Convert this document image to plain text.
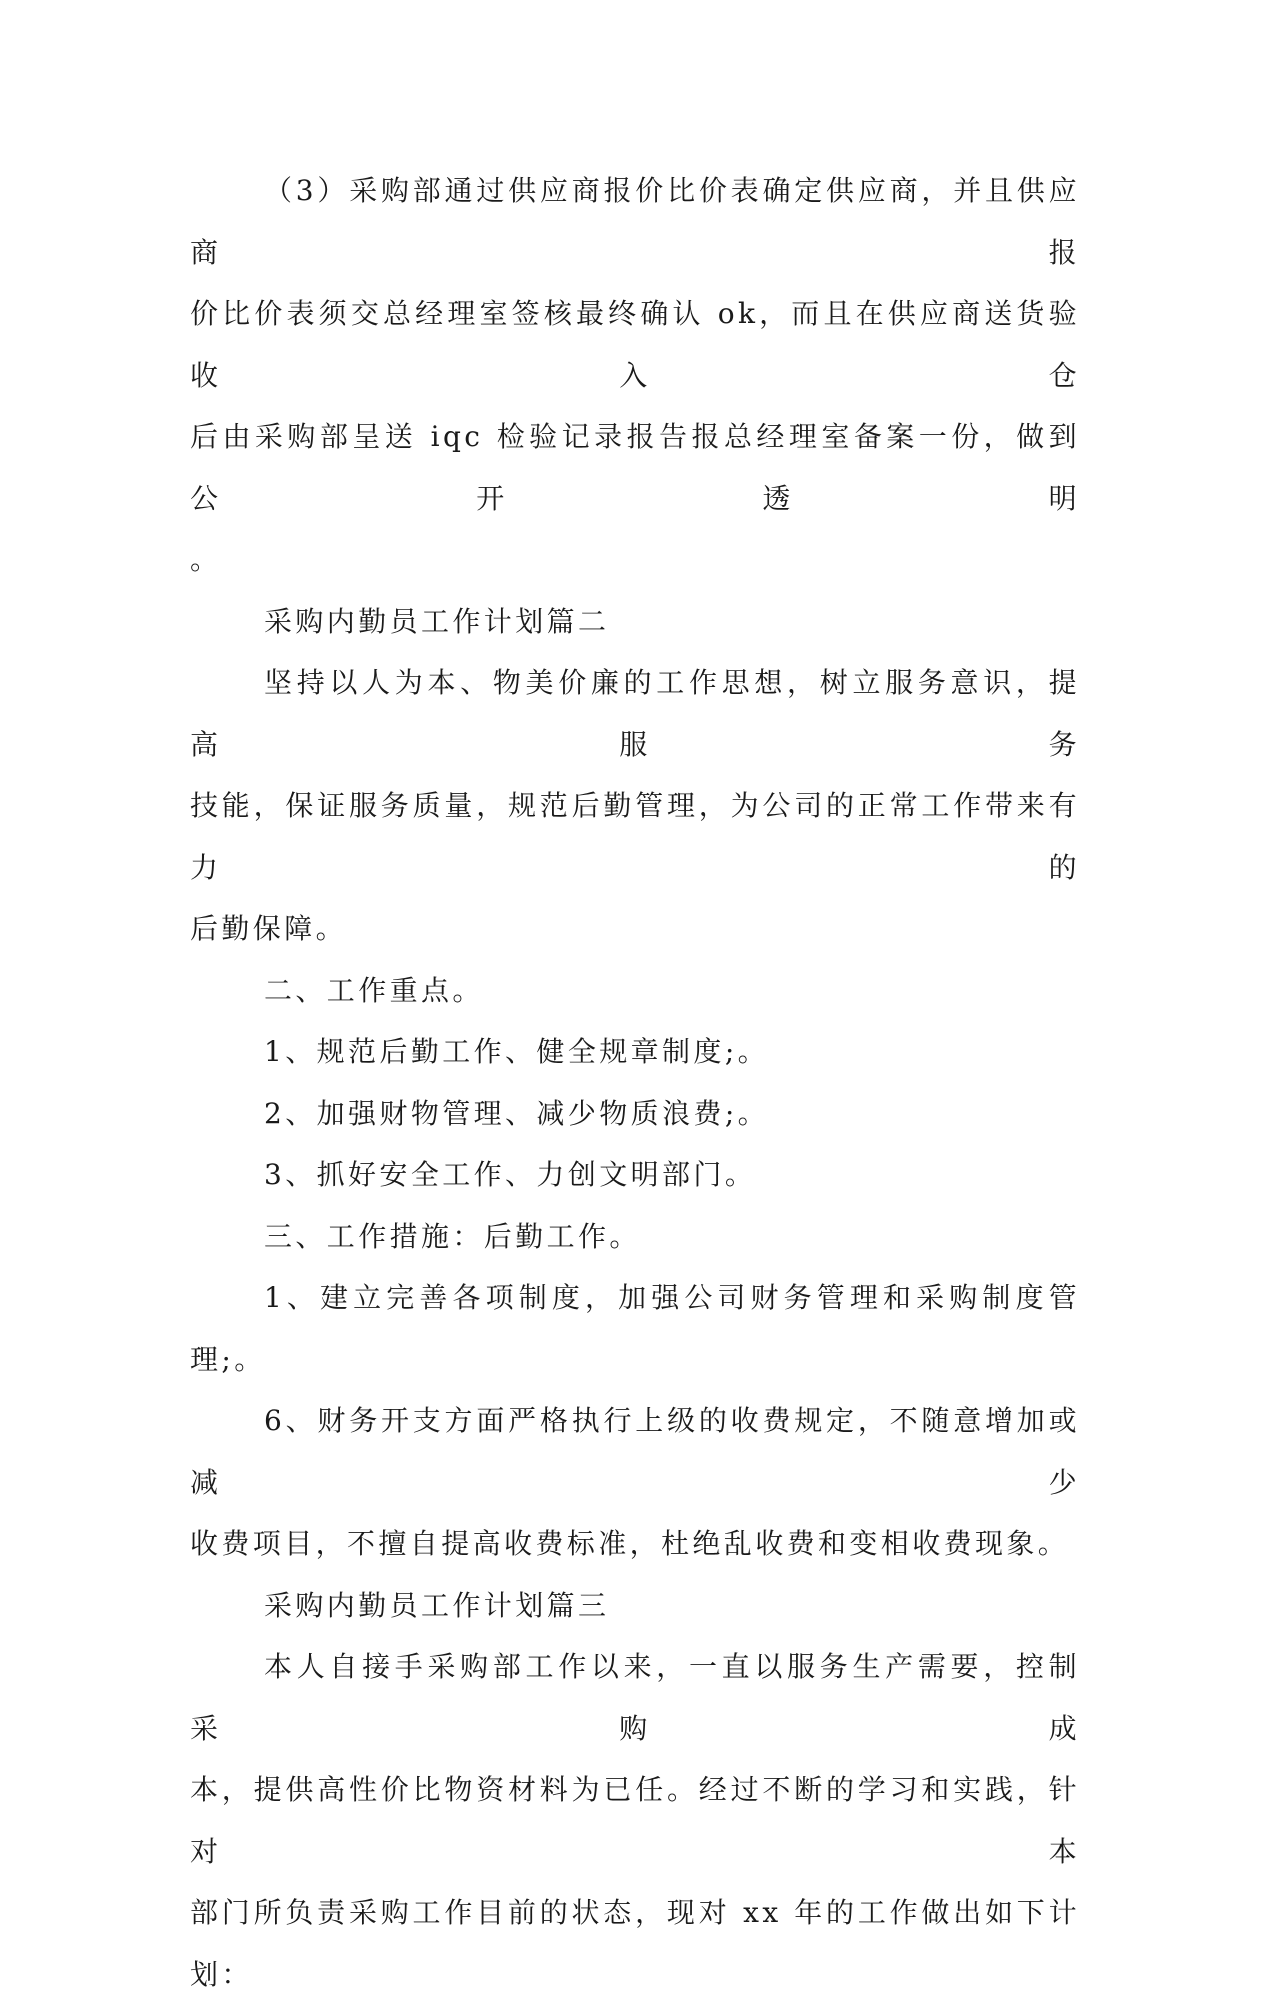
（3）采购部通过供应商报价比价表确定供应商，并且供应商报
价比价表须交总经理室签核最终确认 ok，而且在供应商送货验收入仓
后由采购部呈送 iqc 检验记录报告报总经理室备案一份，做到公开透明
。

采购内勤员工作计划篇二

坚持以人为本、物美价廉的工作思想，树立服务意识，提高服务
技能，保证服务质量，规范后勤管理，为公司的正常工作带来有力的
后勤保障。

二、工作重点。

1、规范后勤工作、健全规章制度;。

2、加强财物管理、减少物质浪费;。

3、抓好安全工作、力创文明部门。

三、工作措施：后勤工作。

1、建立完善各项制度，加强公司财务管理和采购制度管理;。

6、财务开支方面严格执行上级的收费规定，不随意增加或减少
收费项目，不擅自提高收费标准，杜绝乱收费和变相收费现象。

采购内勤员工作计划篇三

本人自接手采购部工作以来，一直以服务生产需要，控制采购成
本，提供高性价比物资材料为已任。经过不断的学习和实践，针对本
部门所负责采购工作目前的状态，现对 xx 年的工作做出如下计划：
